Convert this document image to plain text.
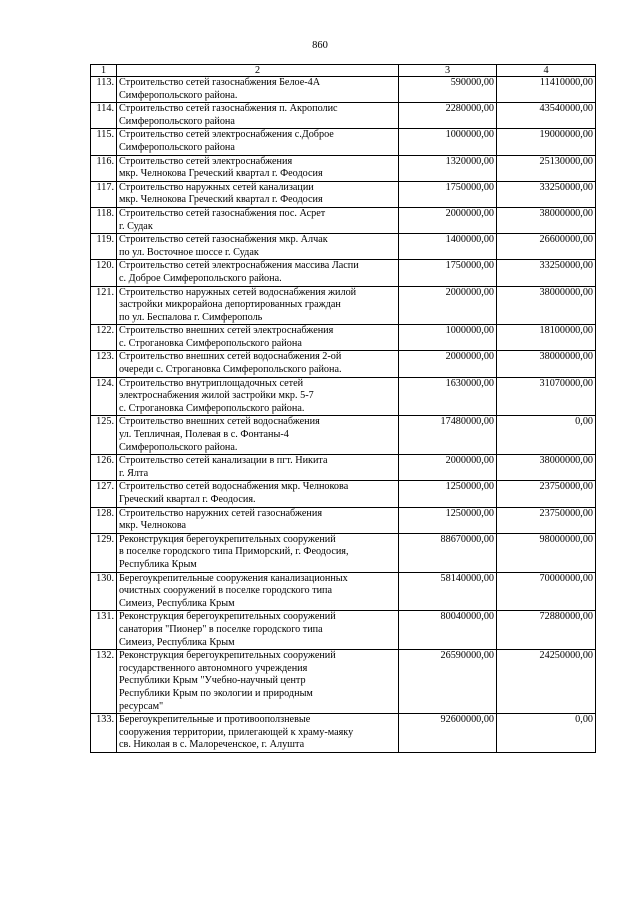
860
1	2	3	4
113.	Строительство сетей газоснабжения Белое-4А
Симферопольского района.	590000,00	11410000,00
114.	Строительство сетей газоснабжения п. Акрополис
Симферопольского района	2280000,00	43540000,00
115.	Строительство сетей электроснабжения с.Доброе
Симферопольского района	1000000,00	19000000,00
116.	Строительство сетей электроснабжения
мкр. Челнокова Греческий квартал г. Феодосия	1320000,00	25130000,00
117.	Строительство наружных сетей канализации
мкр. Челнокова Греческий квартал г. Феодосия	1750000,00	33250000,00
118.	Строительство сетей газоснабжения пос. Асрет
г. Судак	2000000,00	38000000,00
119.	Строительство сетей газоснабжения мкр. Алчак
по ул. Восточное шоссе г. Судак	1400000,00	26600000,00
120.	Строительство сетей электроснабжения массива Ласпи
с. Доброе Симферопольского района.	1750000,00	33250000,00
121.	Строительство наружных сетей водоснабжения жилой
застройки микрорайона депортированных граждан
по ул. Беспалова г. Симферополь	2000000,00	38000000,00
122.	Строительство внешних сетей электроснабжения
с. Строгановка Симферопольского района	1000000,00	18100000,00
123.	Строительство внешних сетей водоснабжения 2-ой
очереди с. Строгановка Симферопольского района.	2000000,00	38000000,00
124.	Строительство внутриплощадочных сетей
электроснабжения жилой застройки мкр. 5-7
с. Строгановка Симферопольского района.	1630000,00	31070000,00
125.	Строительство внешних сетей водоснабжения
ул. Тепличная, Полевая в с. Фонтаны-4
Симферопольского района.	17480000,00	0,00
126.	Строительство сетей канализации в пгт. Никита
г. Ялта	2000000,00	38000000,00
127.	Строительство сетей водоснабжения мкр. Челнокова
Греческий квартал г. Феодосия.	1250000,00	23750000,00
128.	Строительство наружних сетей газоснабжения
мкр. Челнокова	1250000,00	23750000,00
129.	Реконструкция берегоукрепительных сооружений
в поселке городского типа Приморский, г. Феодосия,
Республика Крым	88670000,00	98000000,00
130.	Берегоукрепительные сооружения канализационных
очистных сооружений в поселке городского типа
Симеиз, Республика Крым	58140000,00	70000000,00
131.	Реконструкция берегоукрепительных сооружений
санатория "Пионер" в поселке городского типа
Симеиз, Республика Крым	80040000,00	72880000,00
132.	Реконструкция берегоукрепительных сооружений
государственного автономного учреждения
Республики Крым "Учебно-научный центр
Республики Крым по экологии и природным
ресурсам"	26590000,00	24250000,00
133.	Берегоукрепительные и противооползневые
сооружения территории, прилегающей к храму-маяку
св. Николая в с. Малореченское, г. Алушта	92600000,00	0,00
